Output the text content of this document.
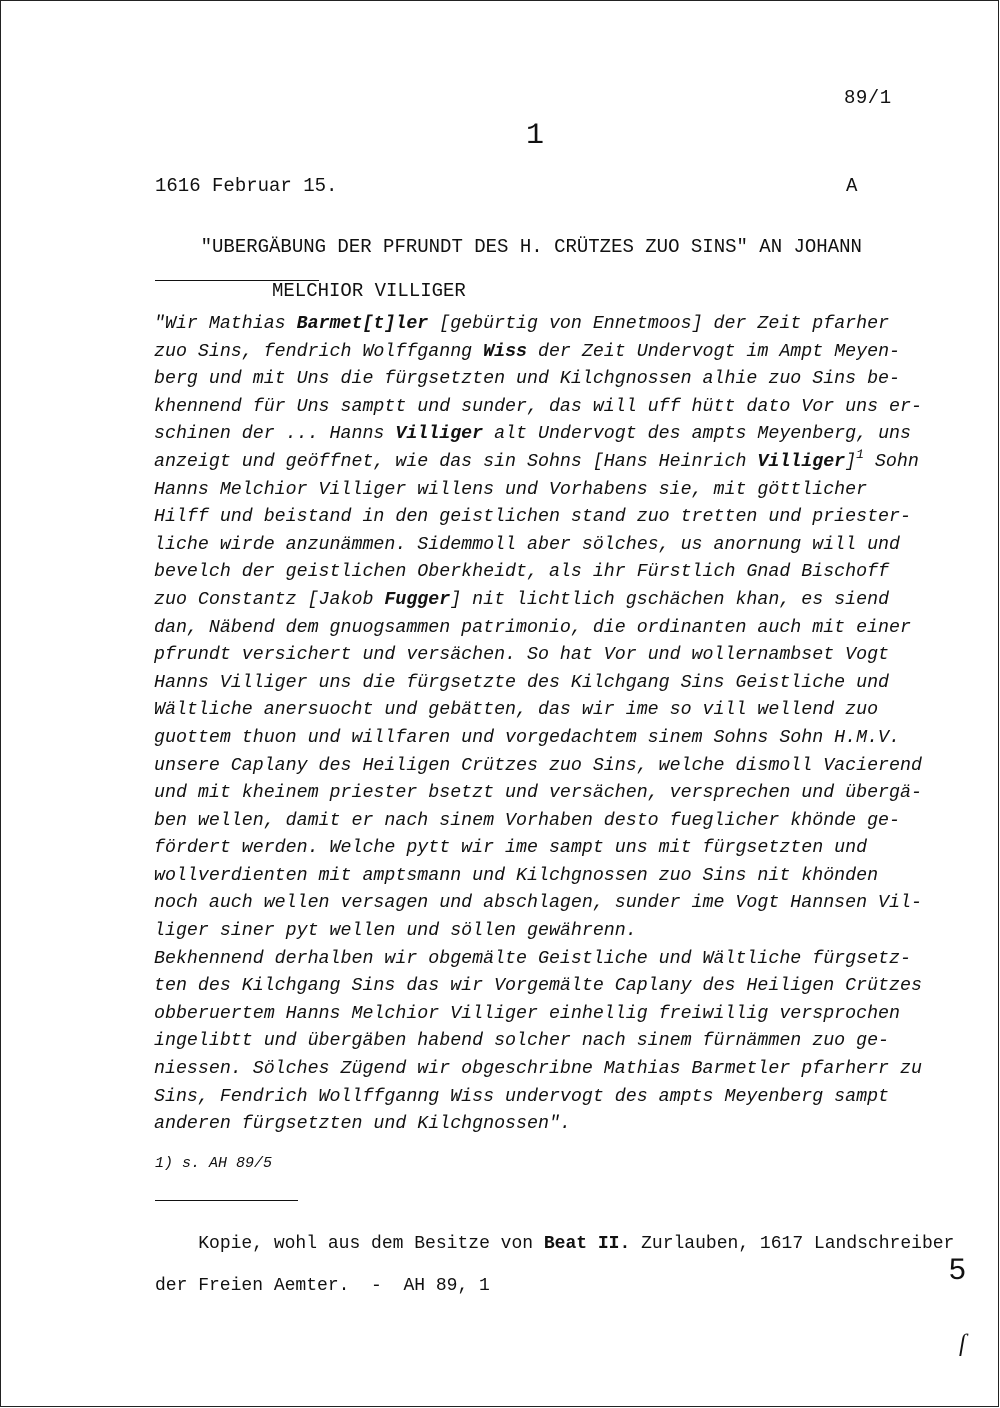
89/1
1
1616 Februar 15.	A

"UBERGÄBUNG DER PFRUNDT DES H. CRÜTZES ZUO SINS" AN JOHANN

MELCHIOR VILLIGER

"Wir Mathias Barmet[t]ler [gebürtig von Ennetmoos] der Zeit pfarher
zuo Sins, fendrich Wolffganng Wiss der Zeit Undervogt im Ampt Meyen-
berg und mit Uns die fürgsetzten und Kilchgnossen alhie zuo Sins be-
khennend für Uns samptt und sunder, das will uff hütt dato Vor uns er-
schinen der ... Hanns Villiger alt Undervogt des ampts Meyenberg, uns
anzeigt und geöffnet, wie das sin Sohns [Hans Heinrich Villiger]$^1$ Sohn
Hanns Melchior Villiger willens und Vorhabens sie, mit göttlicher
Hilff und beistand in den geistlichen stand zuo tretten und priester-
liche wirde anzunämmen. Sidemmoll aber sölches, us anornung will und
bevelch der geistlichen Oberkheidt, als ihr Fürstlich Gnad Bischoff
zuo Constantz [Jakob Fugger] nit lichtlich gschächen khan, es siend
dan, Näbend dem gnuogsammen patrimonio, die ordinanten auch mit einer
pfrundt versichert und versächen. So hat Vor und wollernambset Vogt
Hanns Villiger uns die fürgsetzte des Kilchgang Sins Geistliche und
Wältliche anersuocht und gebätten, das wir ime so vill wellend zuo
guottem thuon und willfaren und vorgedachtem sinem Sohns Sohn H.M.V.
unsere Caplany des Heiligen Crützes zuo Sins, welche dismoll Vacierend
und mit kheinem priester bsetzt und versächen, versprechen und übergä-
ben wellen, damit er nach sinem Vorhaben desto fueglicher khönde ge-
fördert werden. Welche pytt wir ime sampt uns mit fürgsetzten und
wollverdienten mit amptsmann und Kilchgnossen zuo Sins nit khönden
noch auch wellen versagen und abschlagen, sunder ime Vogt Hannsen Vil-
liger siner pyt wellen und söllen gewährenn.
Bekhennend derhalben wir obgemälte Geistliche und Wältliche fürgsetz-
ten des Kilchgang Sins das wir Vorgemälte Caplany des Heiligen Crützes
obberuertem Hanns Melchior Villiger einhellig freiwillig versprochen
ingelibtt und übergäben habend solcher nach sinem fürnämmen zuo ge-
niessen. Sölches Zügend wir obgeschribne Mathias Barmetler pfarherr zu
Sins, Fendrich Wollffganng Wiss undervogt des ampts Meyenberg sampt
anderen fürgsetzten und Kilchgnossen".
1) s. AH 89/5

Kopie, wohl aus dem Besitze von Beat II. Zurlauben, 1617 Landschreiber

der Freien Aemter.  -  AH 89, 1
	5
ſ
